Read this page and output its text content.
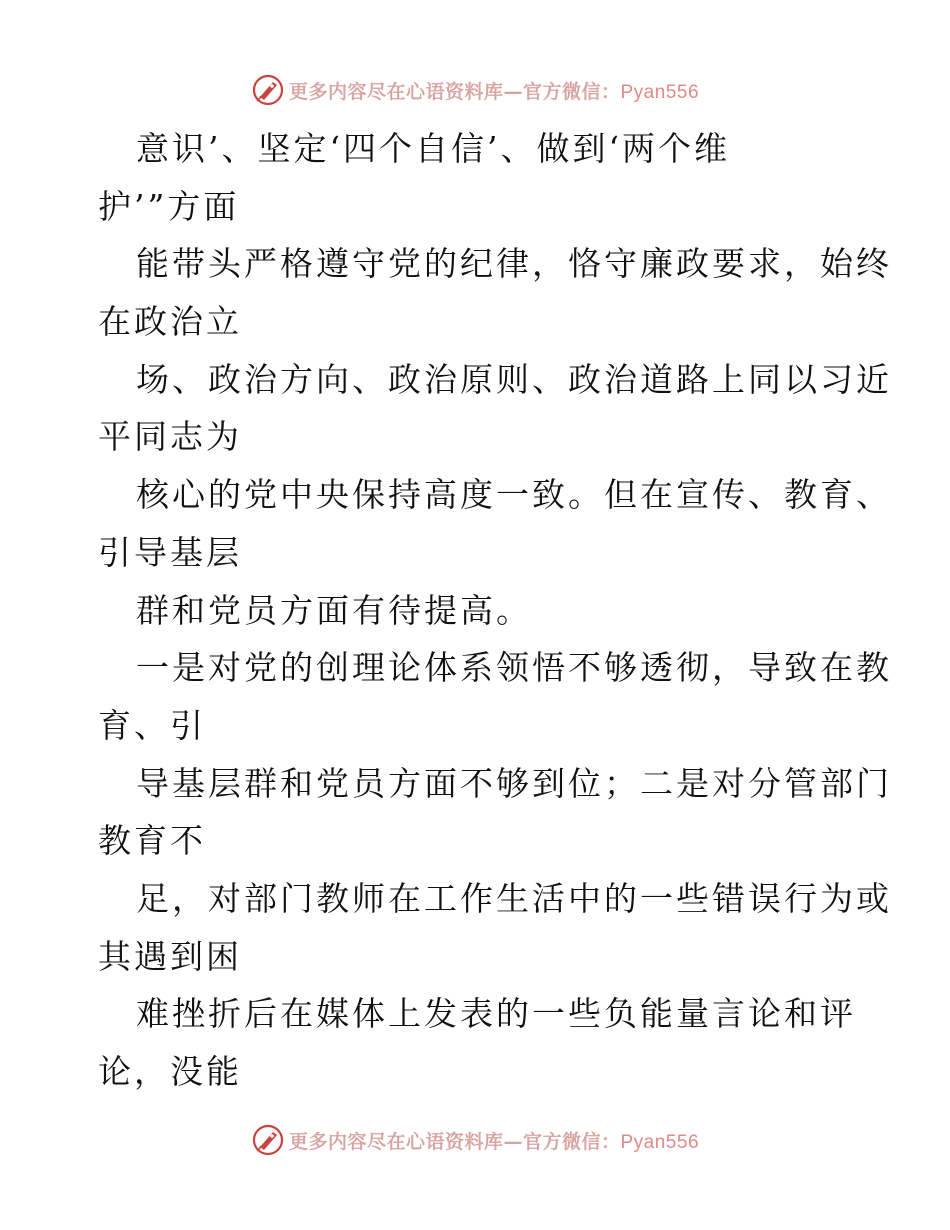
更多内容尽在心语资料库—官方微信：Pyan556
意识’、坚定‘四个自信’、做到‘两个维
护’”方面
能带头严格遵守党的纪律，恪守廉政要求，始终
在政治立
场、政治方向、政治原则、政治道路上同以习近
平同志为
核心的党中央保持高度一致。但在宣传、教育、
引导基层
群和党员方面有待提高。
一是对党的创理论体系领悟不够透彻，导致在教
育、引
导基层群和党员方面不够到位；二是对分管部门
教育不
足，对部门教师在工作生活中的一些错误行为或
其遇到困
难挫折后在媒体上发表的一些负能量言论和评
论，没能
更多内容尽在心语资料库—官方微信：Pyan556
